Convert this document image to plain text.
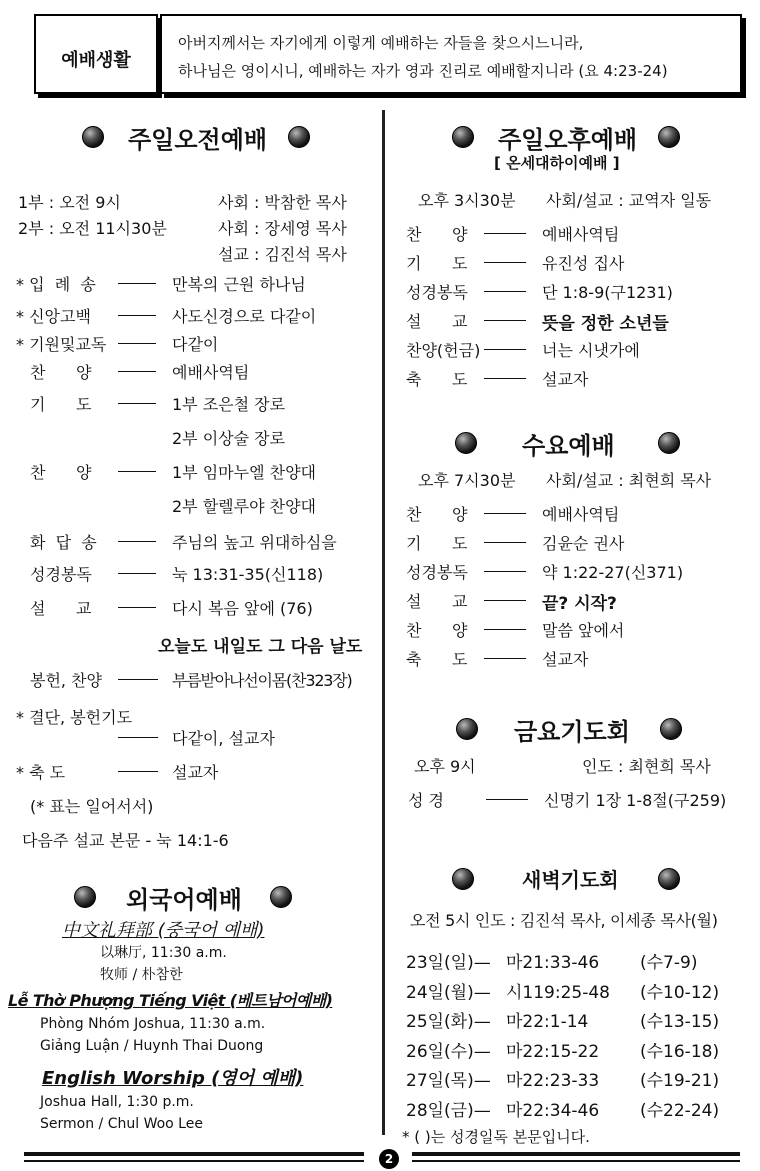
예배생활
아버지께서는 자기에게 이렇게 예배하는 자들을 찾으시느니라,
하나님은 영이시니, 예배하는 자가 영과 진리로 예배할지니라 (요 4:23-24)
주일오전예배
1부 : 오전 9시	사회 : 박참한 목사
2부 : 오전 11시30분	사회 : 장세영 목사
설교 : 김진석 목사
* 입  례  송	만복의 근원 하나님
* 신앙고백	사도신경으로 다같이
* 기원및교독	다같이
찬      양	예배사역팀
기      도	1부 조은철 장로
2부 이상술 장로
찬      양	1부 임마누엘 찬양대
2부 할렐루야 찬양대
화  답  송	주님의 높고 위대하심을
성경봉독	눅 13:31-35(신118)
설      교	다시 복음 앞에 (76)
오늘도 내일도 그 다음 날도
봉헌, 찬양	부름받아나선이몸(찬323장)
* 결단, 봉헌기도
다같이, 설교자
* 축 도	설교자
(* 표는 일어서서)
다음주 설교 본문 - 눅 14:1-6
외국어예배
中文礼拜部 (중국어 예배)
以琳厅, 11:30 a.m.
牧师 / 朴참한
Lễ Thờ Phượng Tiếng Việt (베트남어예배)
Phòng Nhóm Joshua, 11:30 a.m.
Giảng Luận / Huynh Thai Duong
English Worship (영어 예배)
Joshua Hall, 1:30 p.m.
Sermon / Chul Woo Lee
주일오후예배
[ 온세대하이예배 ]
오후 3시30분 사회/설교 : 교역자 일동
찬      양	예배사역팀
기      도	유진성 집사
성경봉독	단 1:8-9(구1231)
설      교	뜻을 정한 소년들
찬양(헌금)	너는 시냇가에
축      도	설교자
수요예배
오후 7시30분 사회/설교 : 최현희 목사
찬      양	예배사역팀
기      도	김윤순 권사
성경봉독	약 1:22-27(신371)
설      교	끝? 시작?
찬      양	말씀 앞에서
축      도	설교자
금요기도회
오후 9시	인도 : 최현희 목사
성 경	신명기 1장 1-8절(구259)
새벽기도회
오전 5시 인도 : 김진석 목사, 이세종 목사(월)
23일(일)— 마21:33-46 (수7-9)
24일(월)— 시119:25-48 (수10-12)
25일(화)— 마22:1-14	(수13-15)
26일(수)— 마22:15-22 (수16-18)
27일(목)— 마22:23-33 (수19-21)
28일(금)— 마22:34-46 (수22-24)
* ( )는 성경일독 본문입니다.
2
